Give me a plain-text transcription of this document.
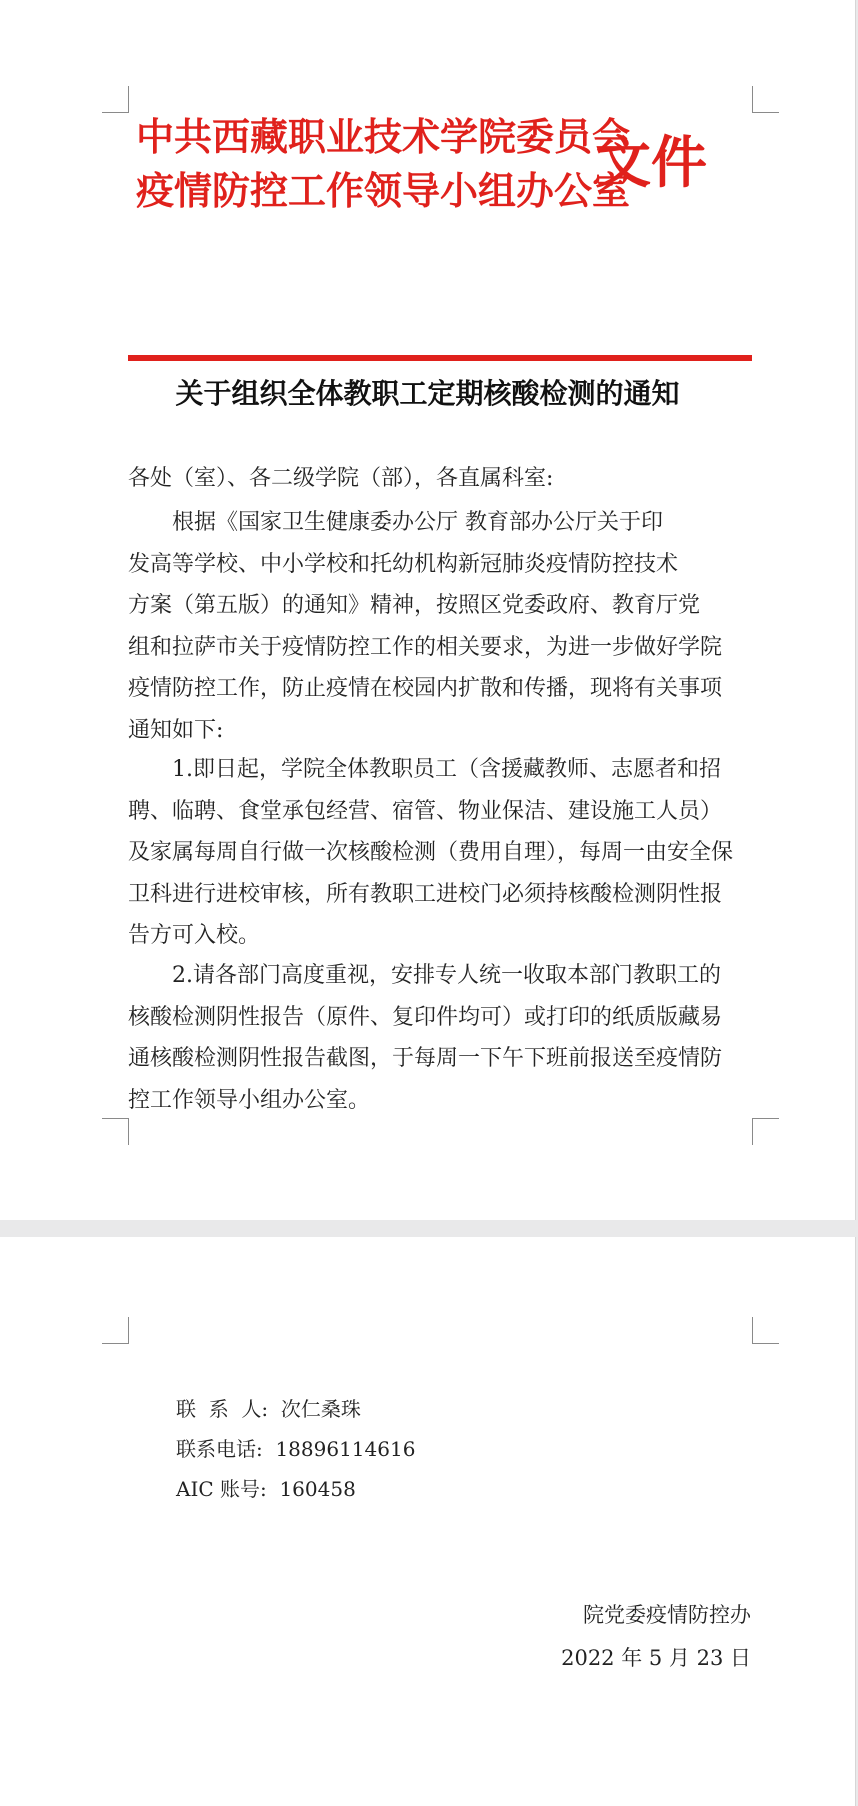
中共西藏职业技术学院委员会
疫情防控工作领导小组办公室
文件
关于组织全体教职工定期核酸检测的通知
各处（室）、各二级学院（部），各直属科室:
　　根据《国家卫生健康委办公厅 教育部办公厅关于印
发高等学校、中小学校和托幼机构新冠肺炎疫情防控技术
方案（第五版）的通知》精神，按照区党委政府、教育厅党
组和拉萨市关于疫情防控工作的相关要求，为进一步做好学院
疫情防控工作，防止疫情在校园内扩散和传播，现将有关事项
通知如下:
　　1.即日起，学院全体教职员工（含援藏教师、志愿者和招
聘、临聘、食堂承包经营、宿管、物业保洁、建设施工人员）
及家属每周自行做一次核酸检测（费用自理），每周一由安全保
卫科进行进校审核，所有教职工进校门必须持核酸检测阴性报
告方可入校。
　　2.请各部门高度重视，安排专人统一收取本部门教职工的
核酸检测阴性报告（原件、复印件均可）或打印的纸质版藏易
通核酸检测阴性报告截图，于每周一下午下班前报送至疫情防
控工作领导小组办公室。
联  系  人:  次仁桑珠
联系电话:  18896114616
AIC 账号:  160458
院党委疫情防控办
2022 年 5 月 23 日
